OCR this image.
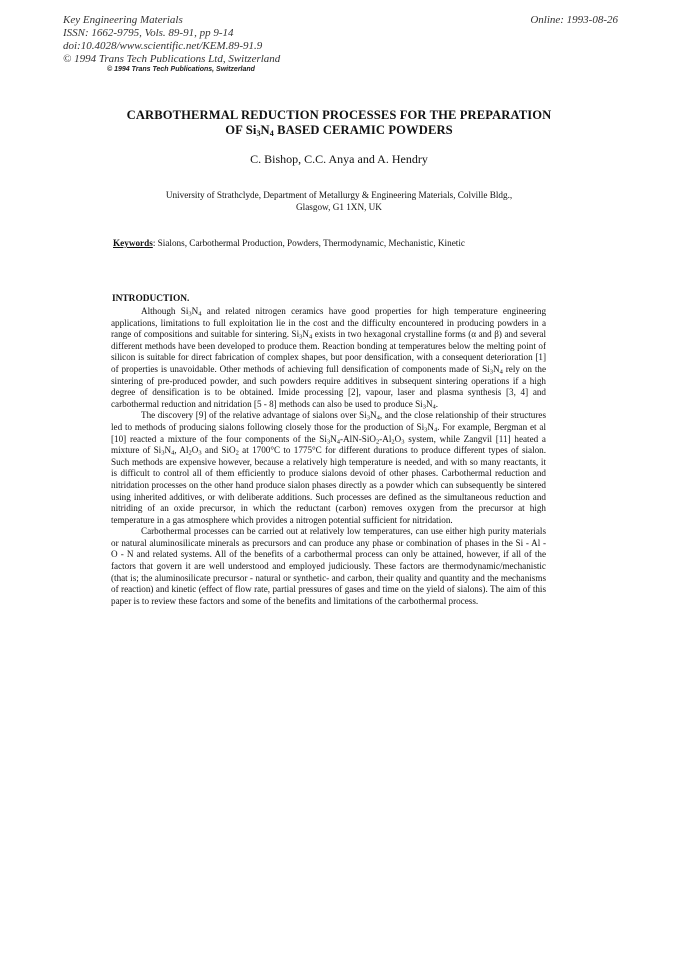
Key Engineering Materials
ISSN: 1662-9795, Vols. 89-91, pp 9-14
doi:10.4028/www.scientific.net/KEM.89-91.9
© 1994 Trans Tech Publications Ltd, Switzerland
Online: 1993-08-26
© 1994 Trans Tech Publications, Switzerland
CARBOTHERMAL REDUCTION PROCESSES FOR THE PREPARATION
OF $Si_3N_4$ BASED CERAMIC POWDERS
C. Bishop, C.C. Anya and A. Hendry
University of Strathclyde, Department of Metallurgy & Engineering Materials, Colville Bldg.,
Glasgow, G1 1XN, UK
Keywords: Sialons, Carbothermal Production, Powders, Thermodynamic, Mechanistic, Kinetic
INTRODUCTION.

Although $Si_3N_4$ and related nitrogen ceramics have good properties for high temperature engineering applications, limitations to full exploitation lie in the cost and the difficulty encountered in producing powders in a range of compositions and suitable for sintering. $Si_3N_4$ exists in two hexagonal crystalline forms (α and β) and several different methods have been developed to produce them. Reaction bonding at temperatures below the melting point of silicon is suitable for direct fabrication of complex shapes, but poor densification, with a consequent deterioration [1] of properties is unavoidable. Other methods of achieving full densification of components made of $Si_3N_4$ rely on the sintering of pre-produced powder, and such powders require additives in subsequent sintering operations if a high degree of densification is to be obtained. Imide processing [2], vapour, laser and plasma synthesis [3, 4] and carbothermal reduction and nitridation [5 - 8] methods can also be used to produce $Si_3N_4$.

The discovery [9] of the relative advantage of sialons over $Si_3N_4$, and the close relationship of their structures led to methods of producing sialons following closely those for the production of $Si_3N_4$. For example, Bergman et al [10] reacted a mixture of the four components of the $Si_3N_4-AlN-SiO_2-Al_2O_3$ system, while Zangvil [11] heated a mixture of $Si_3N_4$, $Al_2O_3$ and SiO$_2$ at 1700°C to 1775°C for different durations to produce different types of sialon. Such methods are expensive however, because a relatively high temperature is needed, and with so many reactants, it is difficult to control all of them efficiently to produce sialons devoid of other phases. Carbothermal reduction and nitridation processes on the other hand produce sialon phases directly as a powder which can subsequently be sintered using inherited additives, or with deliberate additions. Such processes are defined as the simultaneous reduction and nitriding of an oxide precursor, in which the reductant (carbon) removes oxygen from the precursor at high temperature in a gas atmosphere which provides a nitrogen potential sufficient for nitridation.

Carbothermal processes can be carried out at relatively low temperatures, can use either high purity materials or natural aluminosilicate minerals as precursors and can produce any phase or combination of phases in the Si - Al - O - N and related systems. All of the benefits of a carbothermal process can only be attained, however, if all of the factors that govern it are well understood and employed judiciously. These factors are thermodynamic/mechanistic (that is; the aluminosilicate precursor - natural or synthetic- and carbon, their quality and quantity and the mechanisms of reaction) and kinetic (effect of flow rate, partial pressures of gases and time on the yield of sialons). The aim of this paper is to review these factors and some of the benefits and limitations of the carbothermal process.
